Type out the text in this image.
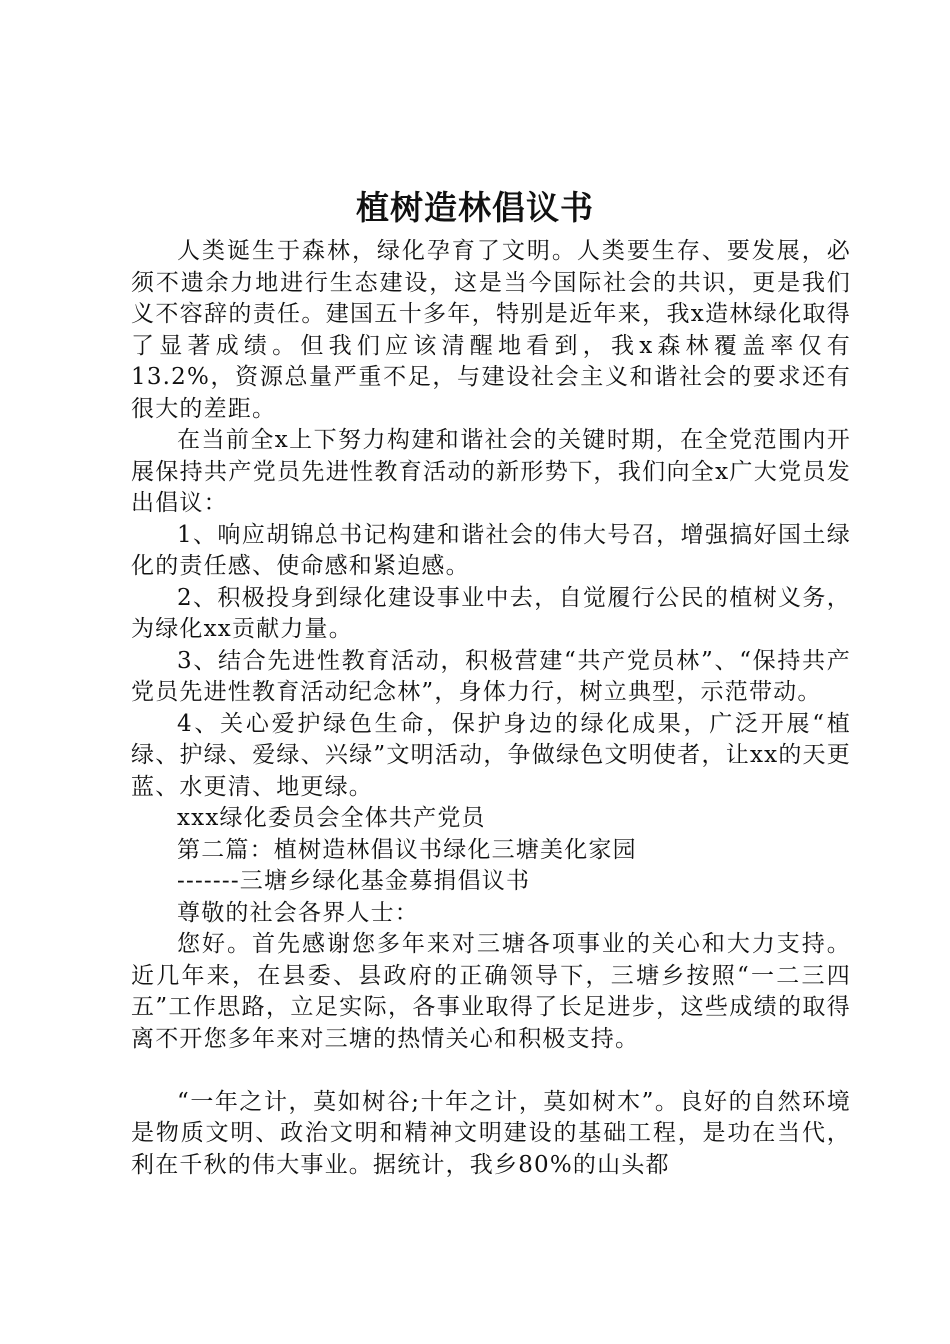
植树造林倡议书

人类诞生于森林，绿化孕育了文明。人类要生存、要发展，必须不遗余力地进行生态建设，这是当今国际社会的共识，更是我们义不容辞的责任。建国五十多年，特别是近年来，我x造林绿化取得了显著成绩。但我们应该清醒地看到，我x森林覆盖率仅有13.2%，资源总量严重不足，与建设社会主义和谐社会的要求还有很大的差距。

在当前全x上下努力构建和谐社会的关键时期，在全党范围内开展保持共产党员先进性教育活动的新形势下，我们向全x广大党员发出倡议：

1、响应胡锦总书记构建和谐社会的伟大号召，增强搞好国土绿化的责任感、使命感和紧迫感。

2、积极投身到绿化建设事业中去，自觉履行公民的植树义务，为绿化xx贡献力量。

3、结合先进性教育活动，积极营建“共产党员林”、“保持共产党员先进性教育活动纪念林”，身体力行，树立典型，示范带动。

4、关心爱护绿色生命，保护身边的绿化成果，广泛开展“植绿、护绿、爱绿、兴绿”文明活动，争做绿色文明使者，让xx的天更蓝、水更清、地更绿。

xxx绿化委员会全体共产党员

第二篇：植树造林倡议书绿化三塘美化家园

-------三塘乡绿化基金募捐倡议书

尊敬的社会各界人士：

您好。首先感谢您多年来对三塘各项事业的关心和大力支持。近几年来，在县委、县政府的正确领导下，三塘乡按照“一二三四五”工作思路，立足实际，各事业取得了长足进步，这些成绩的取得离不开您多年来对三塘的热情关心和积极支持。

“一年之计，莫如树谷;十年之计，莫如树木”。良好的自然环境是物质文明、政治文明和精神文明建设的基础工程，是功在当代，利在千秋的伟大事业。据统计，我乡80%的山头都
